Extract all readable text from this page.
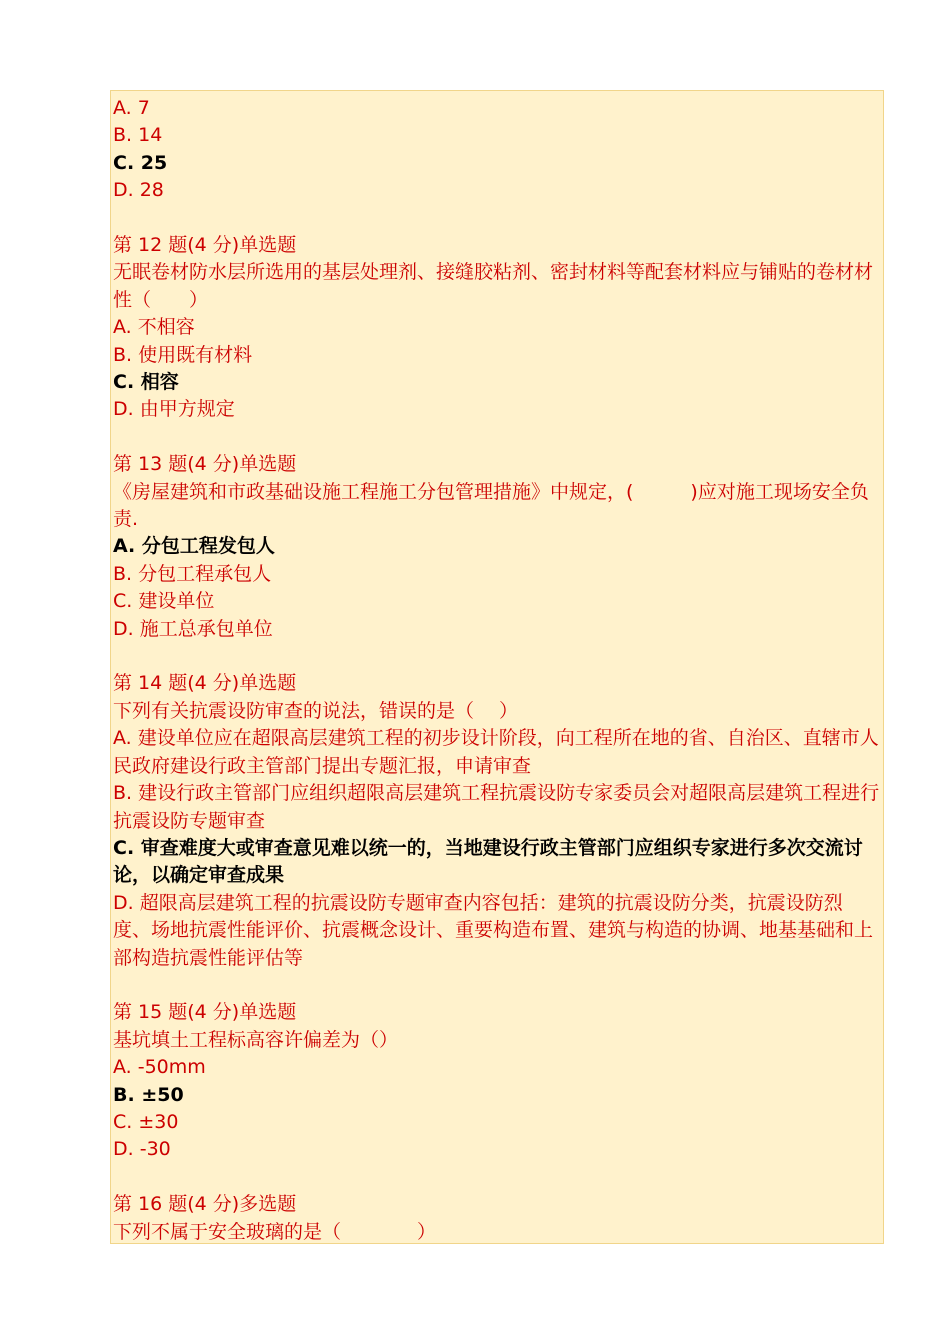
A. 7
B. 14
C. 25
D. 28
第 12 题(4 分)单选题
无眠卷材防水层所选用的基层处理剂、接缝胶粘剂、密封材料等配套材料应与铺贴的卷材材性（　　）
A. 不相容
B. 使用既有材料
C. 相容
D. 由甲方规定
第 13 题(4 分)单选题
《房屋建筑和市政基础设施工程施工分包管理措施》中规定，(　　　)应对施工现场安全负责.
A. 分包工程发包人
B. 分包工程承包人
C. 建设单位
D. 施工总承包单位
第 14 题(4 分)单选题
下列有关抗震设防审查的说法，错误的是（　 ）
A. 建设单位应在超限高层建筑工程的初步设计阶段，向工程所在地的省、自治区、直辖市人民政府建设行政主管部门提出专题汇报，申请审查
B. 建设行政主管部门应组织超限高层建筑工程抗震设防专家委员会对超限高层建筑工程进行抗震设防专题审查
C. 审查难度大或审查意见难以统一的，当地建设行政主管部门应组织专家进行多次交流讨论，以确定审查成果
D. 超限高层建筑工程的抗震设防专题审查内容包括：建筑的抗震设防分类，抗震设防烈度、场地抗震性能评价、抗震概念设计、重要构造布置、建筑与构造的协调、地基基础和上部构造抗震性能评估等
第 15 题(4 分)单选题
基坑填土工程标高容许偏差为（）
A. -50mm
B. ±50
C. ±30
D. -30
第 16 题(4 分)多选题
下列不属于安全玻璃的是（　　　　）
